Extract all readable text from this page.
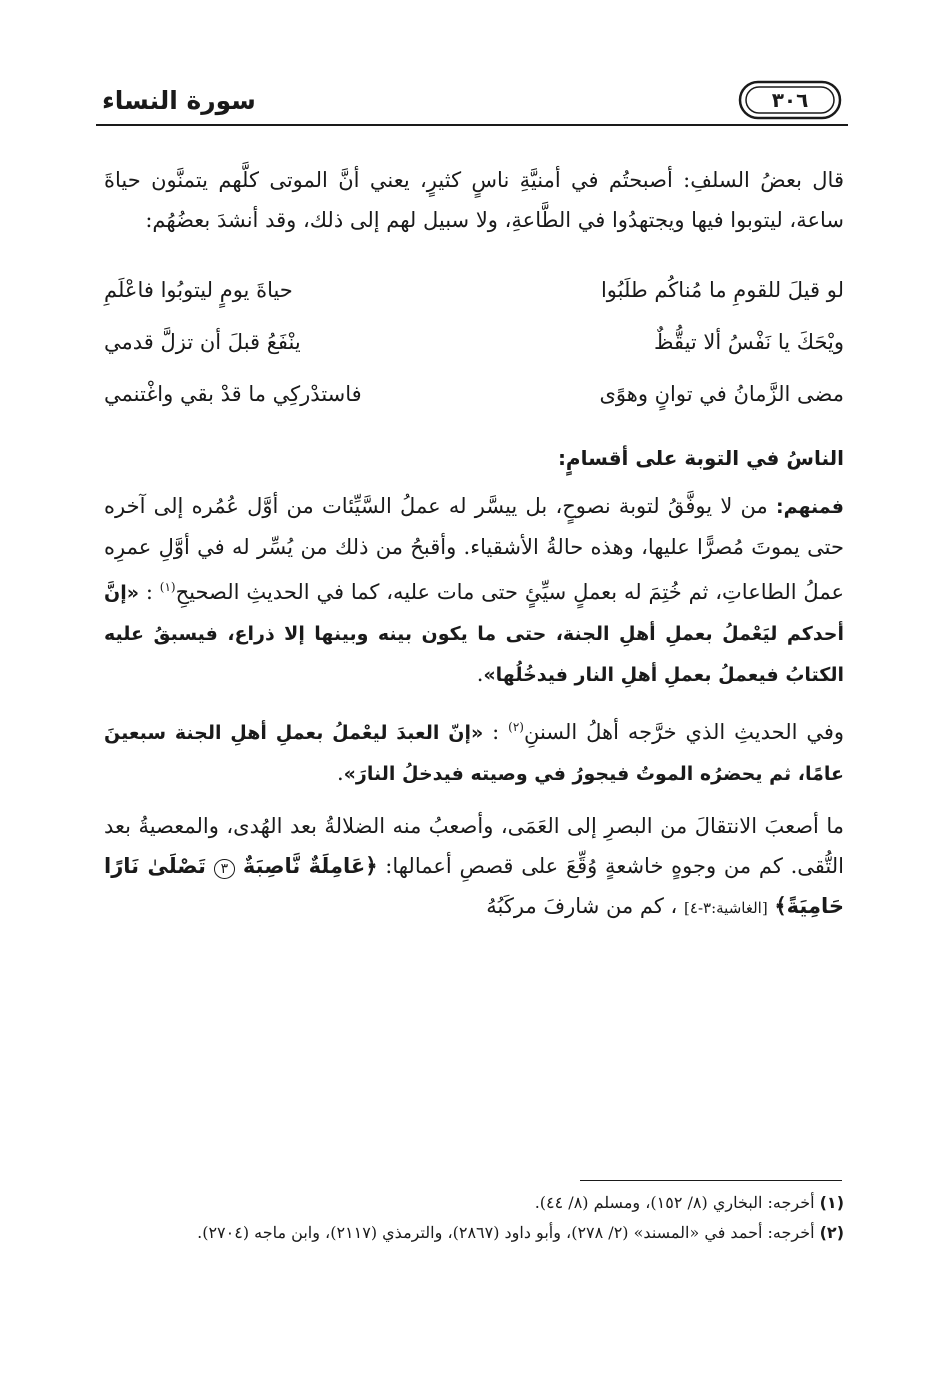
٣٠٦
سورة النساء

قال بعضُ السلفِ: أصبحتُم في أمنيَّةِ ناسٍ كثيرٍ، يعني أنَّ الموتى كلَّهم يتمنَّون حياةَ ساعة، ليتوبوا فيها ويجتهدُوا في الطَّاعةِ، ولا سبيل لهم إلى ذلك، وقد أنشدَ بعضُهُم:

لو قيلَ للقومِ ما مُناكُم طلَبُوا
حياةَ يومٍ ليتوبُوا فاعْلَمِ
ويْحَكَ يا نَفْسُ ألا تيقُّظٌ
ينْفَعُ قبلَ أن تزلَّ قدمي
مضى الزَّمانُ في توانٍ وهوًى
فاستدْركِي ما قدْ بقي واغْتنمي
الناسُ في التوبة على أقسامٍ:

فمنهم: من لا يوفَّقُ لتوبة نصوحٍ، بل ييسَّر له عملُ السَّيِّئات من أوَّل عُمُره إلى آخره حتى يموتَ مُصرًّا عليها، وهذه حالةُ الأشقياء. وأقبحُ من ذلك من يُسِّر له في أوَّلِ عمرِه عملُ الطاعاتِ، ثم خُتِمَ له بعملٍ سيِّئٍ حتى مات عليه، كما في الحديثِ الصحيحِ$^{(١)}$ : «إنَّ أحدكم ليَعْملُ بعملِ أهلِ الجنة، حتى ما يكون بينه وبينها إلا ذراع، فيسبقُ عليه الكتابُ فيعملُ بعملِ أهلِ النار فيدخُلُها».

وفي الحديثِ الذي خرَّجه أهلُ السننِ$^{(٢)}$ : «إنّ العبدَ ليعْملُ بعملِ أهلِ الجنة سبعينَ عامًا، ثم يحضرُه الموتُ فيجورُ في وصيته فيدخلُ النارَ».

ما أصعبَ الانتقالَ من البصرِ إلى العَمَى، وأصعبُ منه الضلالةُ بعد الهُدى، والمعصيةُ بعد التُّقى. كم من وجوهٍ خاشعةٍ وُقِّعَ على قصصِ أعمالها: ﴿عَامِلَةٌ نَّاصِبَةٌ ٣ تَصْلَىٰ نَارًا حَامِيَةً﴾ [الغاشية:٣-٤] ، كم من شارفَ مركَبُهُ

(١) أخرجه: البخاري (٨/ ١٥٢)، ومسلم (٨/ ٤٤).

(٢) أخرجه: أحمد في «المسند» (٢/ ٢٧٨)، وأبو داود (٢٨٦٧)، والترمذي (٢١١٧)، وابن ماجه (٢٧٠٤).
